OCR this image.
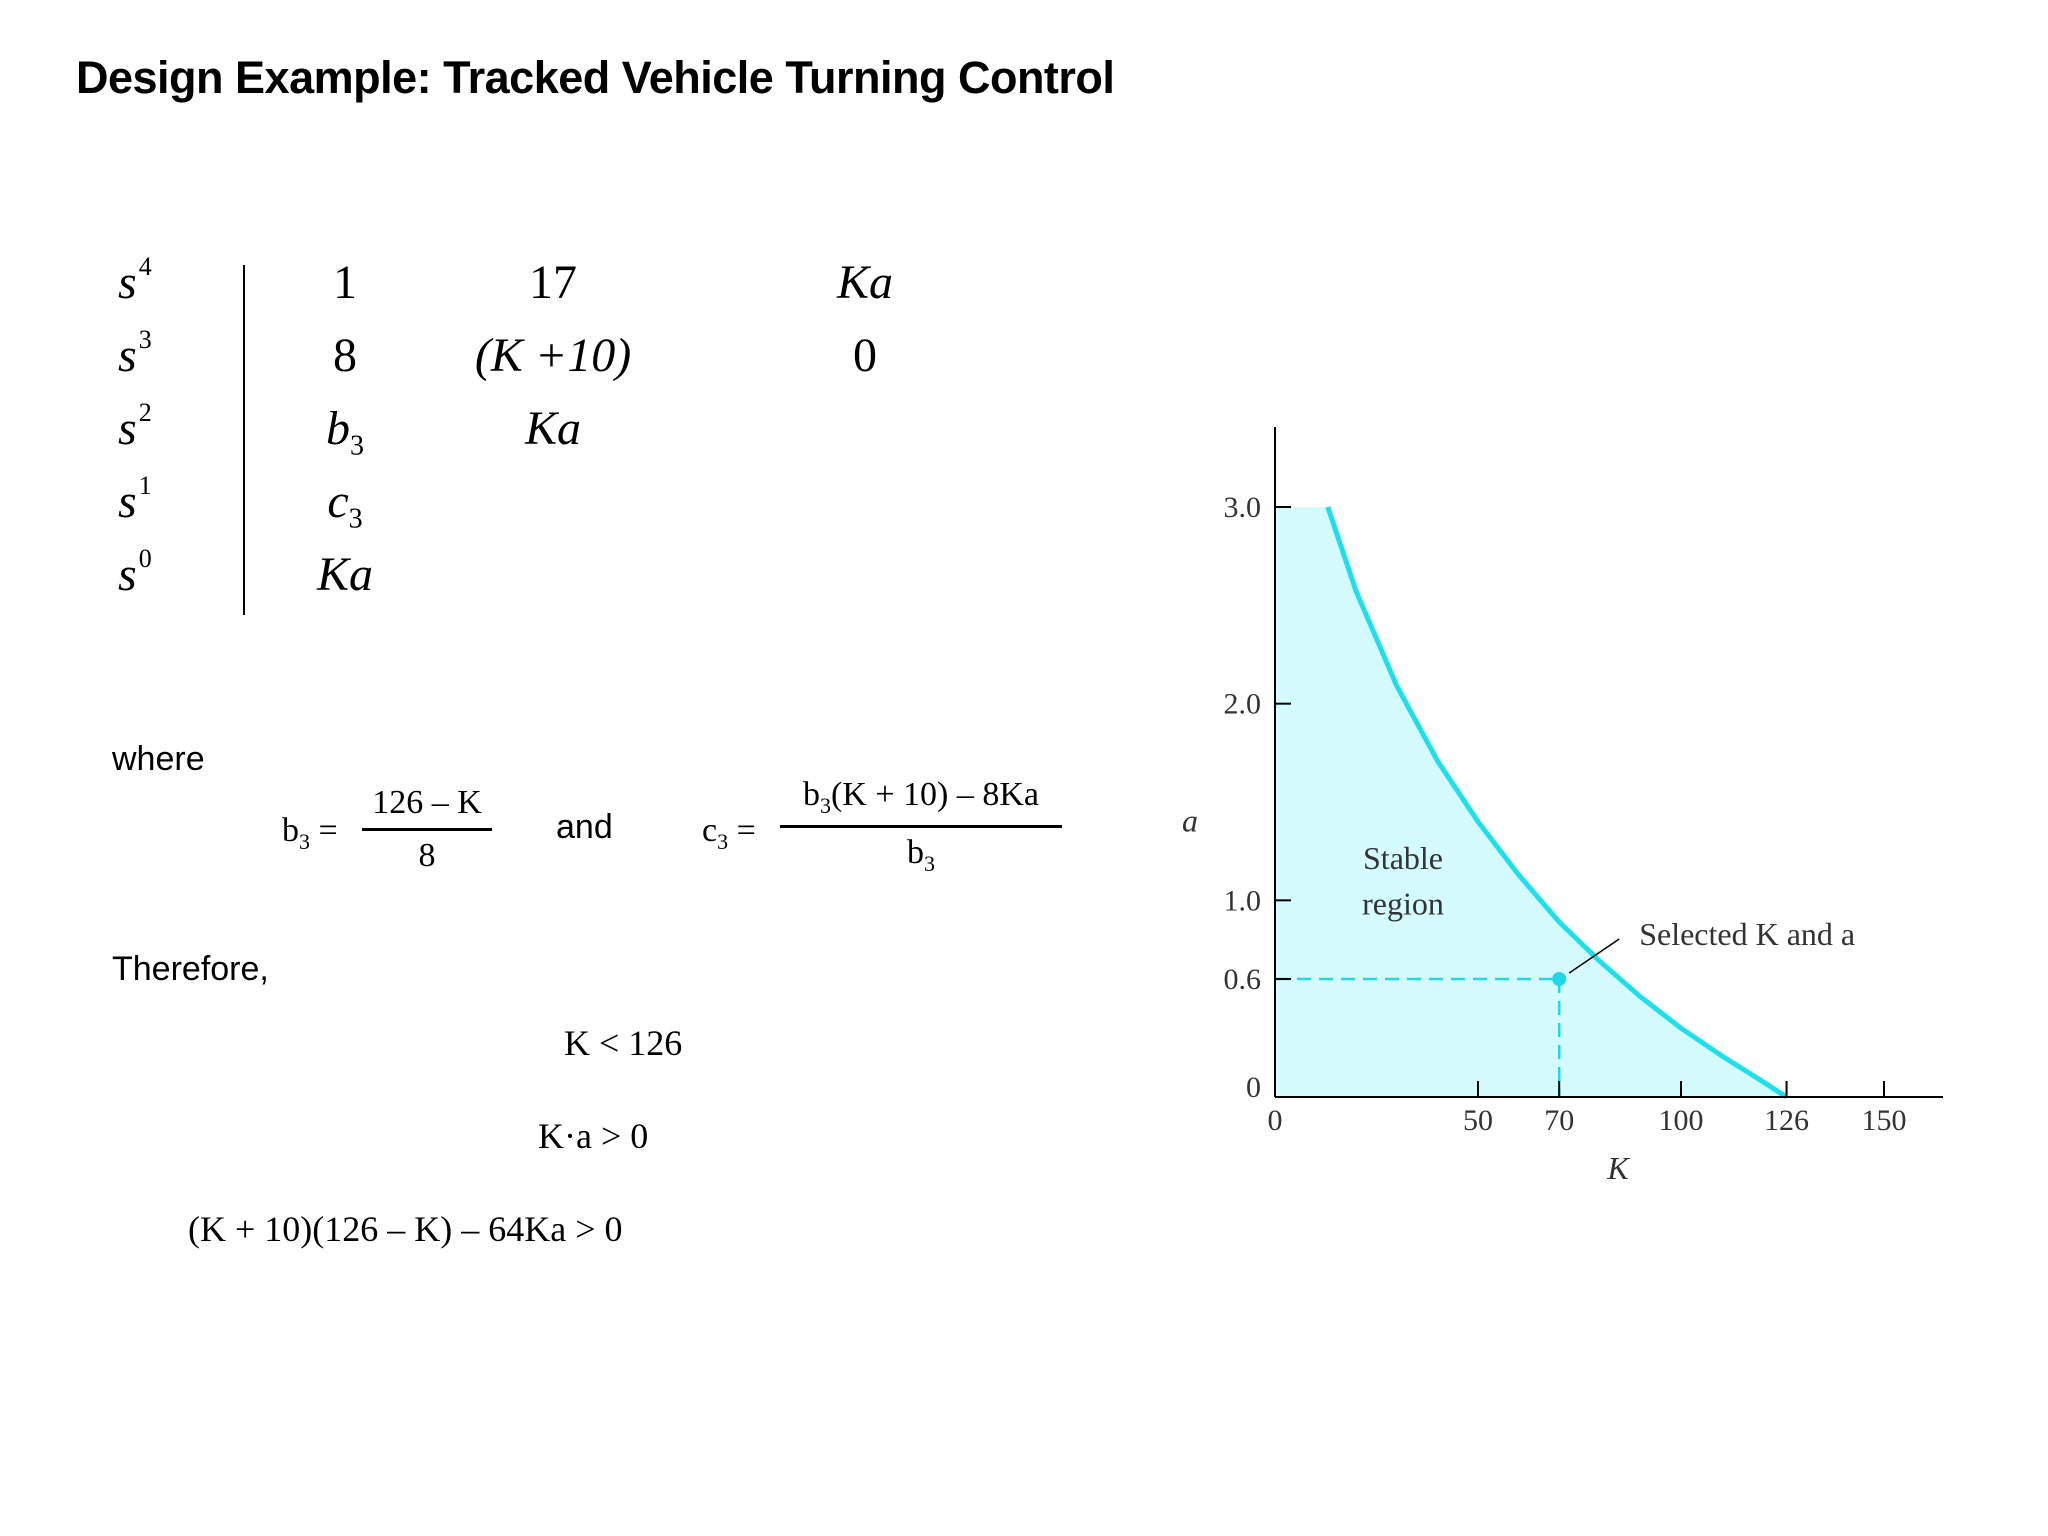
Design Example: Tracked Vehicle Turning Control
$s^4$	1	17	Ka
$s^3$	8	(K +10)	0
$s^2$	$b_3$	Ka
$s^1$	$c_3$
$s^0$	Ka
where
$b_3$ =
126 – K
8
and	$c_3$ =
$b_3(K + 10) - 8Ka$
$b_3$
Therefore,
K < 126
K·a > 0
(K + 10)(126 – K) – 64Ka > 0
0	50 70	100 126 150
0
0.6
1.0
2.0
3.0
K
a
Stable
region
Selected K and a
